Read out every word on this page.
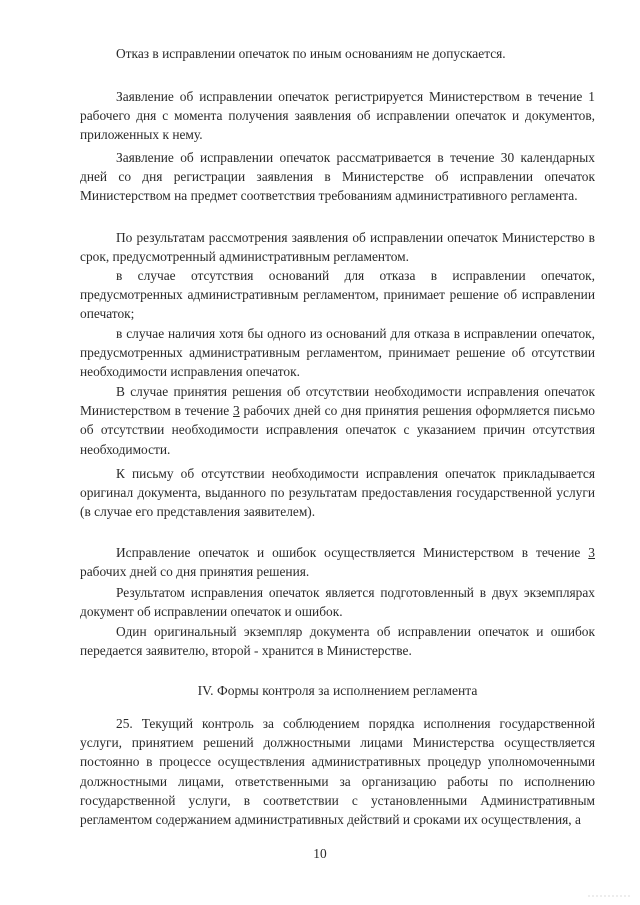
Отказ в исправлении опечаток по иным основаниям не допускается.

Заявление об исправлении опечаток регистрируется Министерством в течение 1 рабочего дня с момента получения заявления об исправлении опечаток и документов, приложенных к нему.

Заявление об исправлении опечаток рассматривается в течение 30 календарных дней со дня регистрации заявления в Министерстве об исправлении опечаток Министерством на предмет соответствия требованиям административного регламента.

По результатам рассмотрения заявления об исправлении опечаток Министерство в срок, предусмотренный административным регламентом.

в случае отсутствия оснований для отказа в исправлении опечаток, предусмотренных административным регламентом, принимает решение об исправлении опечаток;

в случае наличия хотя бы одного из оснований для отказа в исправлении опечаток, предусмотренных административным регламентом, принимает решение об отсутствии необходимости исправления опечаток.

В случае принятия решения об отсутствии необходимости исправления опечаток Министерством в течение 3 рабочих дней со дня принятия решения оформляется письмо об отсутствии необходимости исправления опечаток с указанием причин отсутствия необходимости.

К письму об отсутствии необходимости исправления опечаток прикладывается оригинал документа, выданного по результатам предоставления государственной услуги (в случае его представления заявителем).

Исправление опечаток и ошибок осуществляется Министерством в течение 3 рабочих дней со дня принятия решения.

Результатом исправления опечаток является подготовленный в двух экземплярах документ об исправлении опечаток и ошибок.

Один оригинальный экземпляр документа об исправлении опечаток и ошибок передается заявителю, второй - хранится в Министерстве.

IV. Формы контроля за исполнением регламента

25. Текущий контроль за соблюдением порядка исполнения государственной услуги, принятием решений должностными лицами Министерства осуществляется постоянно в процессе осуществления административных процедур уполномоченными должностными лицами, ответственными за организацию работы по исполнению государственной услуги, в соответствии с установленными Административным регламентом содержанием административных действий и сроками их осуществления, а

10
